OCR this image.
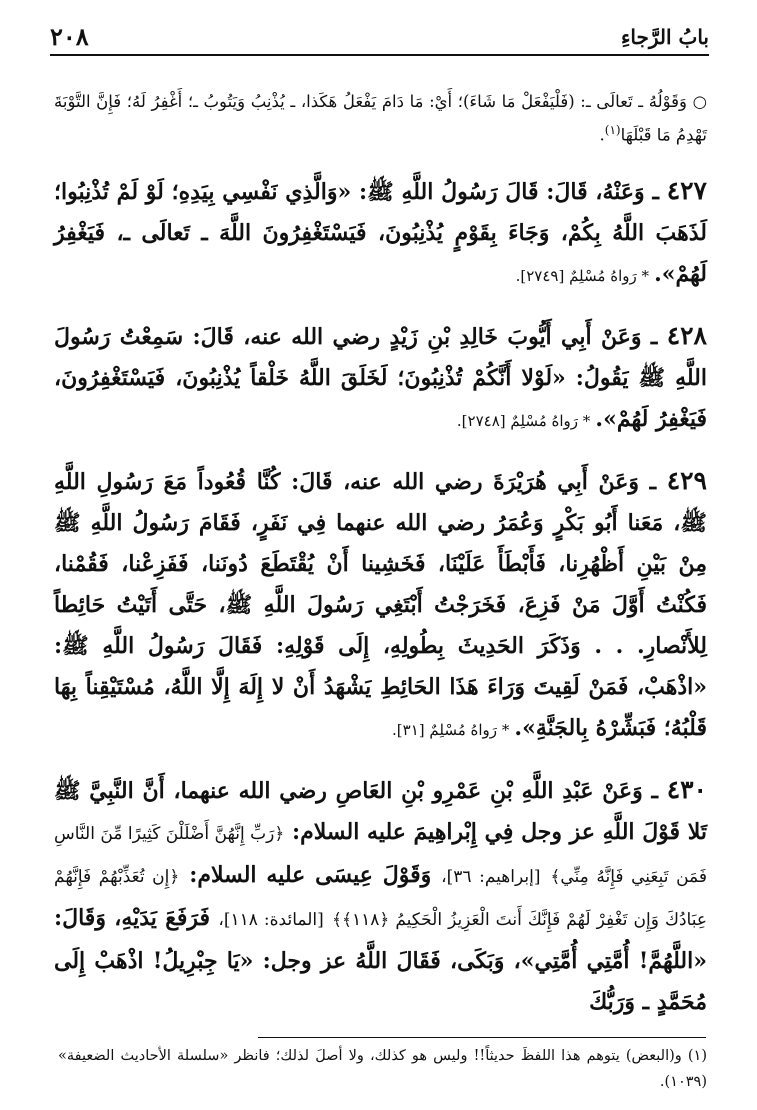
بابُ الرَّجاءِ
٢٠٨

○ وَقَوْلُهُ ـ تَعالَى ـ: (فَلْيَفْعَلْ مَا شَاءَ)؛ أَيْ: مَا دَامَ يَفْعَلُ هَكَذا، ـ يُذْنِبُ وَيَتُوبُ ـ؛ أَغْفِرُ لَهُ؛ فَإِنَّ التَّوْبَةَ تَهْدِمُ مَا قَبْلَهَا$^{(١)}$.

٤٢٧ ـ وَعَنْهُ، قَالَ: قَالَ رَسُولُ اللَّهِ ﷺ: «وَالَّذِي نَفْسِي بِيَدِهِ؛ لَوْ لَمْ تُذْنِبُوا؛ لَذَهَبَ اللَّهُ بِكُمْ، وَجَاءَ بِقَوْمٍ يُذْنِبُونَ، فَيَسْتَغْفِرُونَ اللَّهَ ـ تَعالَى ـ، فَيَغْفِرُ لَهُمْ». * رَواهُ مُسْلِمٌ [٢٧٤٩].

٤٢٨ ـ وَعَنْ أَبِي أَيُّوبَ خَالِدِ بْنِ زَيْدٍ رضي الله عنه، قَالَ: سَمِعْتُ رَسُولَ اللَّهِ ﷺ يَقُولُ: «لَوْلا أَنَّكُمْ تُذْنِبُونَ؛ لَخَلَقَ اللَّهُ خَلْقاً يُذْنِبُونَ، فَيَسْتَغْفِرُونَ، فَيَغْفِرُ لَهُمْ». * رَواهُ مُسْلِمٌ [٢٧٤٨].

٤٢٩ ـ وَعَنْ أَبِي هُرَيْرَةَ رضي الله عنه، قَالَ: كُنَّا قُعُوداً مَعَ رَسُولِ اللَّهِ ﷺ، مَعَنا أَبُو بَكْرٍ وَعُمَرُ رضي الله عنهما فِي نَفَرٍ، فَقَامَ رَسُولُ اللَّهِ ﷺ مِنْ بَيْنِ أَظْهُرِنا، فَأَبْطَأَ عَلَيْنَا، فَخَشِينا أَنْ يُقْتَطَعَ دُونَنا، فَفَزِعْنا، فَقُمْنا، فَكُنْتُ أَوَّلَ مَنْ فَزِعَ، فَخَرَجْتُ أَبْتَغِي رَسُولَ اللَّهِ ﷺ، حَتَّى أَتَيْتُ حَائِطاً لِلأَنْصارِ. . . وَذَكَرَ الحَدِيثَ بِطُولِهِ، إِلَى قَوْلِهِ: فَقَالَ رَسُولُ اللَّهِ ﷺ: «اذْهَبْ، فَمَنْ لَقِيتَ وَرَاءَ هَذَا الحَائِطِ يَشْهَدُ أَنْ لا إِلَهَ إِلَّا اللَّهُ، مُسْتَيْقِناً بِهَا قَلْبُهُ؛ فَبَشِّرْهُ بِالجَنَّةِ». * رَواهُ مُسْلِمٌ [٣١].

٤٣٠ ـ وَعَنْ عَبْدِ اللَّهِ بْنِ عَمْرِو بْنِ العَاصِ رضي الله عنهما، أَنَّ النَّبِيَّ ﷺ تَلا قَوْلَ اللَّهِ عز وجل فِي إِبْراهِيمَ عليه السلام: ﴿رَبِّ إِنَّهُنَّ أَضْلَلْنَ كَثِيرًا مِّنَ النَّاسِ فَمَن تَبِعَنِي فَإِنَّهُ مِنِّي﴾ [إبراهيم: ٣٦]، وَقَوْلَ عِيسَى عليه السلام: ﴿إِن تُعَذِّبْهُمْ فَإِنَّهُمْ عِبَادُكَ وَإِن تَغْفِرْ لَهُمْ فَإِنَّكَ أَنتَ الْعَزِيزُ الْحَكِيمُ ﴿١١٨﴾﴾ [المائدة: ١١٨]، فَرَفَعَ يَدَيْهِ، وَقَالَ: «اللَّهُمَّ! أُمَّتِي أُمَّتِي»، وَبَكَى، فَقَالَ اللَّهُ عز وجل: «يَا جِبْرِيلُ! اذْهَبْ إِلَى مُحَمَّدٍ ـ وَرَبُّكَ

(١) و(البعض) يتوهم هذا اللفظَ حديثاً!! وليس هو كذلك، ولا أصلَ لذلك؛ فانظر «سلسلة الأحاديث الضعيفة» (١٠٣٩).
